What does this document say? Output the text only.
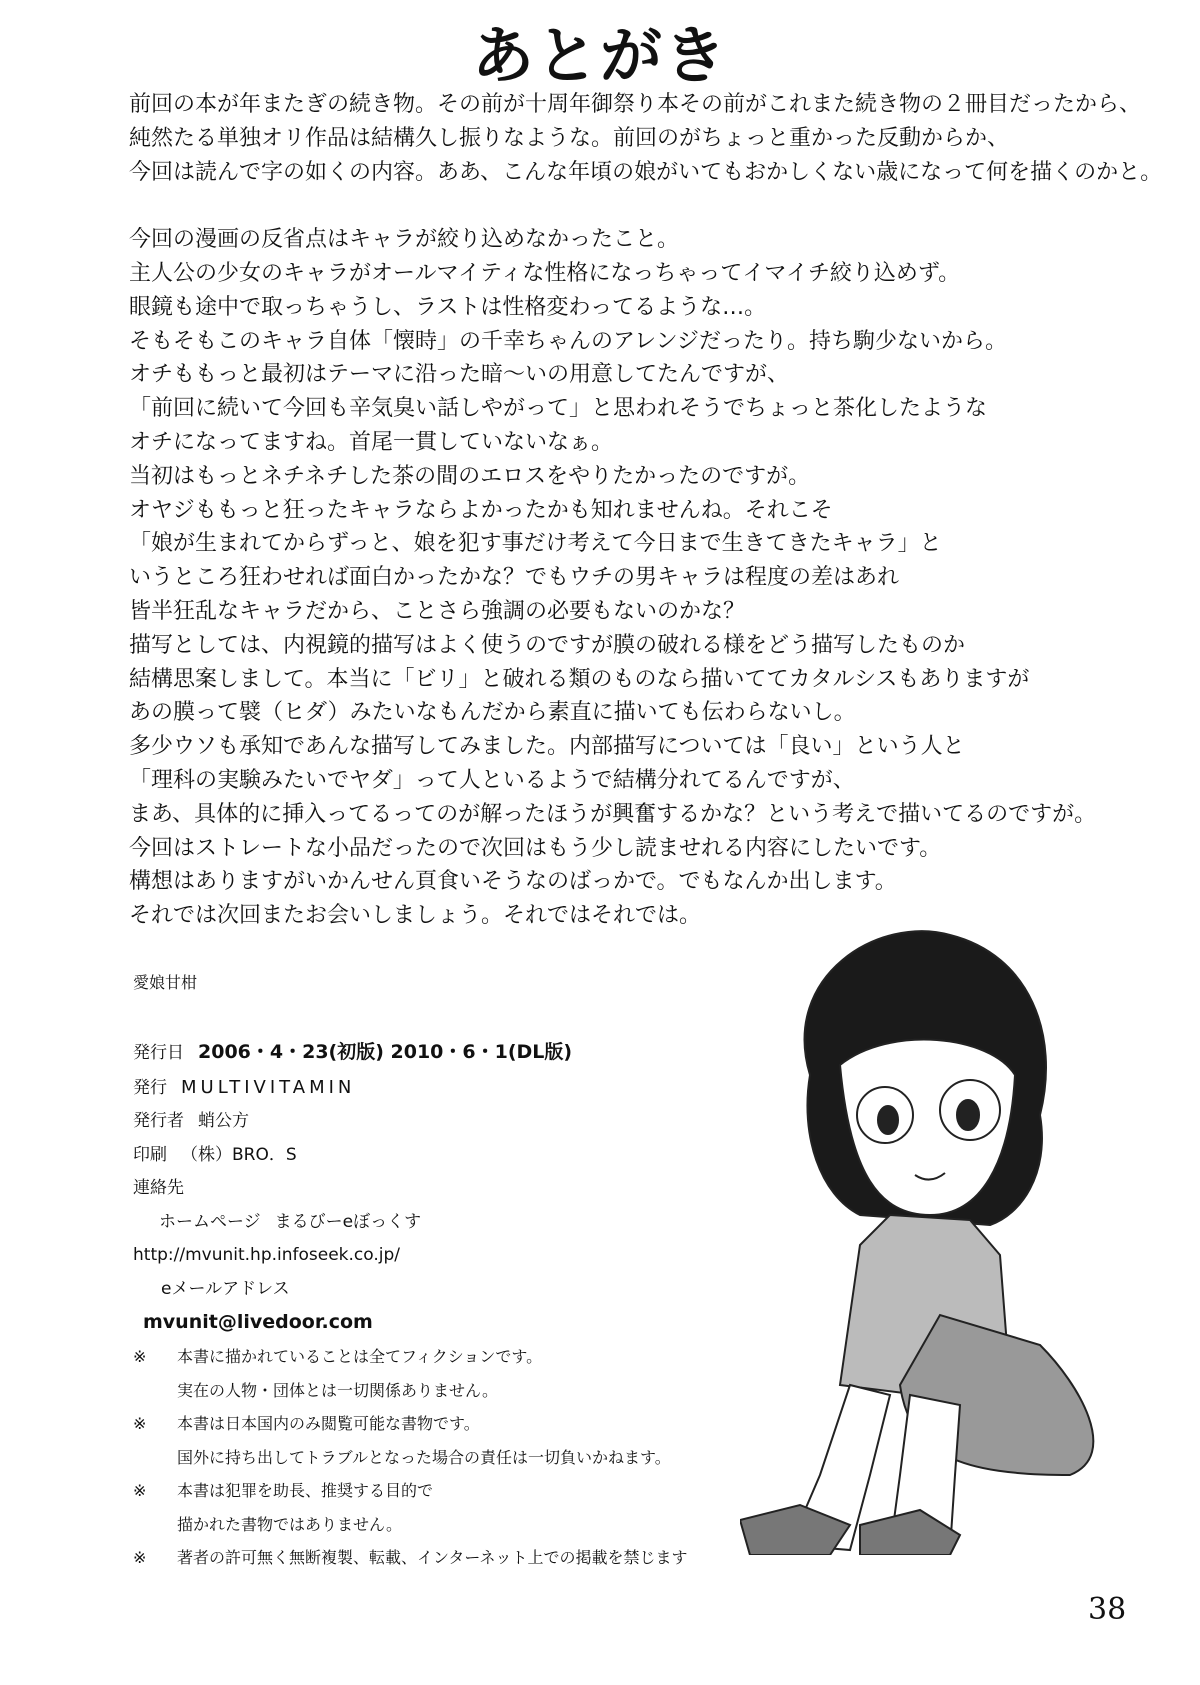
あとがき
前回の本が年またぎの続き物。その前が十周年御祭り本その前がこれまた続き物の２冊目だったから、
純然たる単独オリ作品は結構久し振りなような。前回のがちょっと重かった反動からか、
今回は読んで字の如くの内容。ああ、こんな年頃の娘がいてもおかしくない歳になって何を描くのかと。
今回の漫画の反省点はキャラが絞り込めなかったこと。
主人公の少女のキャラがオールマイティな性格になっちゃってイマイチ絞り込めず。
眼鏡も途中で取っちゃうし、ラストは性格変わってるような…。
そもそもこのキャラ自体「懐時」の千幸ちゃんのアレンジだったり。持ち駒少ないから。
オチももっと最初はテーマに沿った暗～いの用意してたんですが、
「前回に続いて今回も辛気臭い話しやがって」と思われそうでちょっと茶化したような
オチになってますね。首尾一貫していないなぁ。
当初はもっとネチネチした茶の間のエロスをやりたかったのですが。
オヤジももっと狂ったキャラならよかったかも知れませんね。それこそ
「娘が生まれてからずっと、娘を犯す事だけ考えて今日まで生きてきたキャラ」と
いうところ狂わせれば面白かったかな？でもウチの男キャラは程度の差はあれ
皆半狂乱なキャラだから、ことさら強調の必要もないのかな？
描写としては、内視鏡的描写はよく使うのですが膜の破れる様をどう描写したものか
結構思案しまして。本当に「ビリ」と破れる類のものなら描いててカタルシスもありますが
あの膜って襞（ヒダ）みたいなもんだから素直に描いても伝わらないし。
多少ウソも承知であんな描写してみました。内部描写については「良い」という人と
「理科の実験みたいでヤダ」って人といるようで結構分れてるんですが、
まあ、具体的に挿入ってるってのが解ったほうが興奮するかな？という考えで描いてるのですが。
今回はストレートな小品だったので次回はもう少し読ませれる内容にしたいです。
構想はありますがいかんせん頁食いそうなのばっかで。でもなんか出します。
それでは次回またお会いしましょう。それではそれでは。
愛娘甘柑
発行日 2006・4・23(初版) 2010・6・1(DL版)
発行 MULTIVITAMIN
発行者 蛸公方
印刷 （株）BRO．S
連絡先
ホームページ まるびーeぼっくす
http://mvunit.hp.infoseek.co.jp/
eメールアドレス
mvunit@livedoor.com
※	本書に描かれていることは全てフィクションです。
実在の人物・団体とは一切関係ありません。
※	本書は日本国内のみ閲覧可能な書物です。
国外に持ち出してトラブルとなった場合の責任は一切負いかねます。
※	本書は犯罪を助長、推奨する目的で
描かれた書物ではありません。
※	著者の許可無く無断複製、転載、インターネット上での掲載を禁じます
38
